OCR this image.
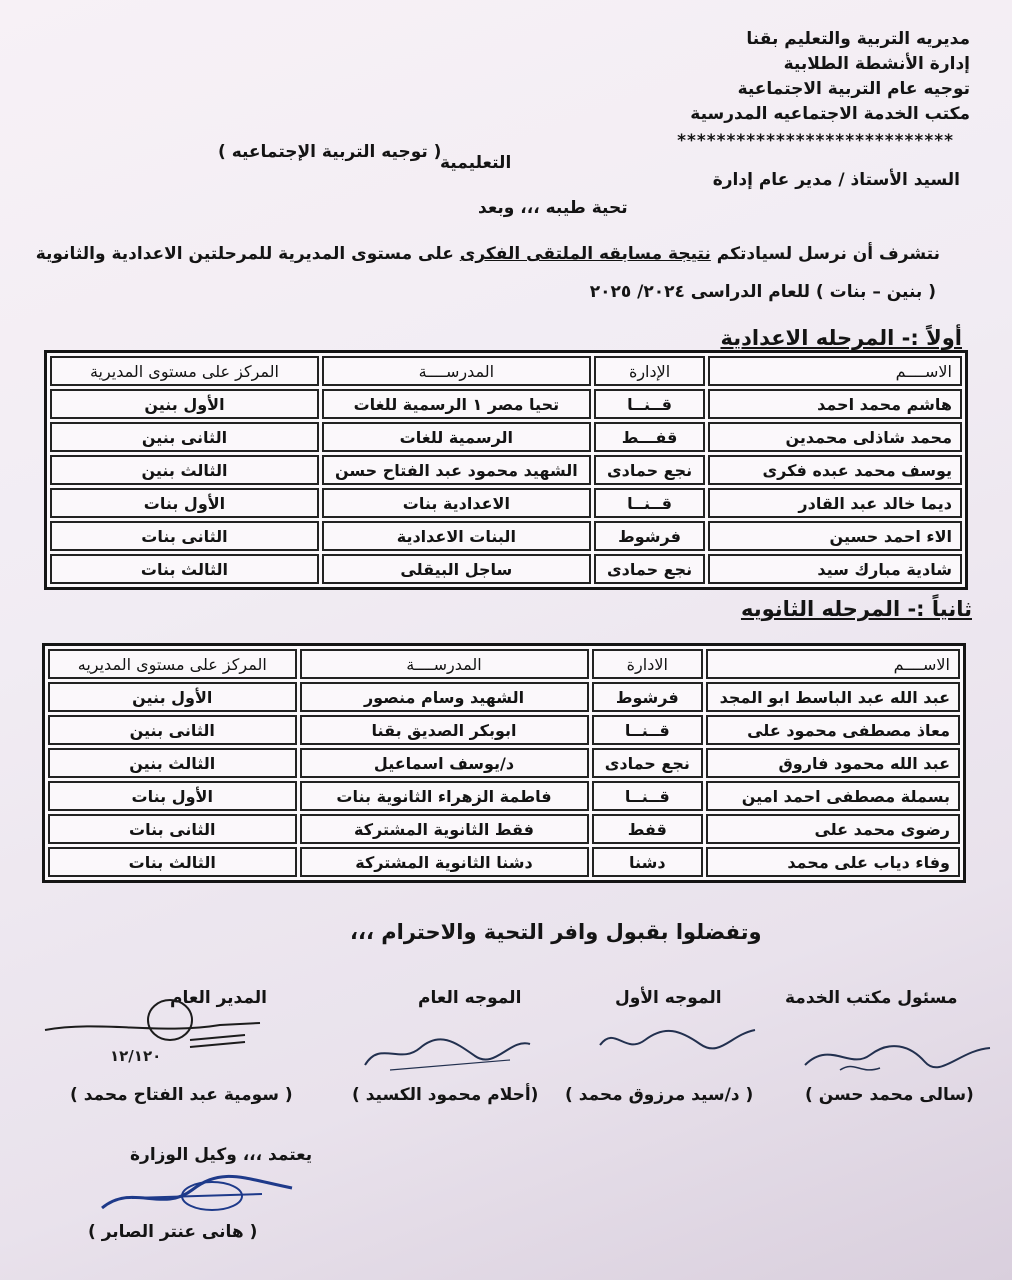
مديريه التربية والتعليم بقنا
إدارة الأنشطة الطلابية
توجيه عام التربية الاجتماعية
مكتب الخدمة الاجتماعيه المدرسية
****************************
السيد الأستاذ / مدير عام إدارة
التعليمية
( توجيه التربية الإجتماعيه )
تحية طيبه ،،، وبعد
نتشرف أن نرسل لسيادتكم نتيجة مسابقه الملتقى الفكرى على مستوى المديرية للمرحلتين الاعدادية والثانوية
( بنين – بنات ) للعام الدراسى ٢٠٢٤/ ٢٠٢٥
أولاً :- المرحله الاعدادية
الاســــم	الإدارة	المدرســــة	المركز على مستوى المديرية
هاشم محمد احمد	قــنــا	تحيا مصر ١ الرسمية للغات	الأول بنين
محمد شاذلى محمدين	قفـــط	الرسمية للغات	الثانى بنين
يوسف محمد عبده فكرى	نجع حمادى	الشهيد محمود عبد الفتاح حسن	الثالث بنين
ديما خالد عبد القادر	قــنــا	الاعدادية بنات	الأول بنات
الاء احمد حسين	فرشوط	البنات الاعدادية	الثانى بنات
شادية مبارك سيد	نجع حمادى	ساجل البيقلى	الثالث بنات
ثانياً :- المرحله الثانويه
الاســــم	الادارة	المدرســــة	المركز على مستوى المديريه
عبد الله عبد الباسط ابو المجد	فرشوط	الشهيد وسام منصور	الأول بنين
معاذ مصطفى محمود على	قــنــا	ابوبكر الصديق بقنا	الثانى بنين
عبد الله محمود فاروق	نجع حمادى	د/يوسف اسماعيل	الثالث بنين
بسملة مصطفى احمد امين	قــنــا	فاطمة الزهراء الثانوية بنات	الأول بنات
رضوى محمد على	قفط	فقط الثانوية المشتركة	الثانى بنات
وفاء دياب على محمد	دشنا	دشنا الثانوية المشتركة	الثالث بنات
وتفضلوا بقبول وافر التحية والاحترام ،،،
مسئول مكتب الخدمة
الموجه الأول
الموجه العام
المدير العام
١٢/١٢٠
(سالى محمد حسن )
( د/سيد مرزوق محمد )
(أحلام محمود الكسيد )
( سومية عبد الفتاح محمد )
يعتمد ،،، وكيل الوزارة
( هانى عنتر الصابر )
